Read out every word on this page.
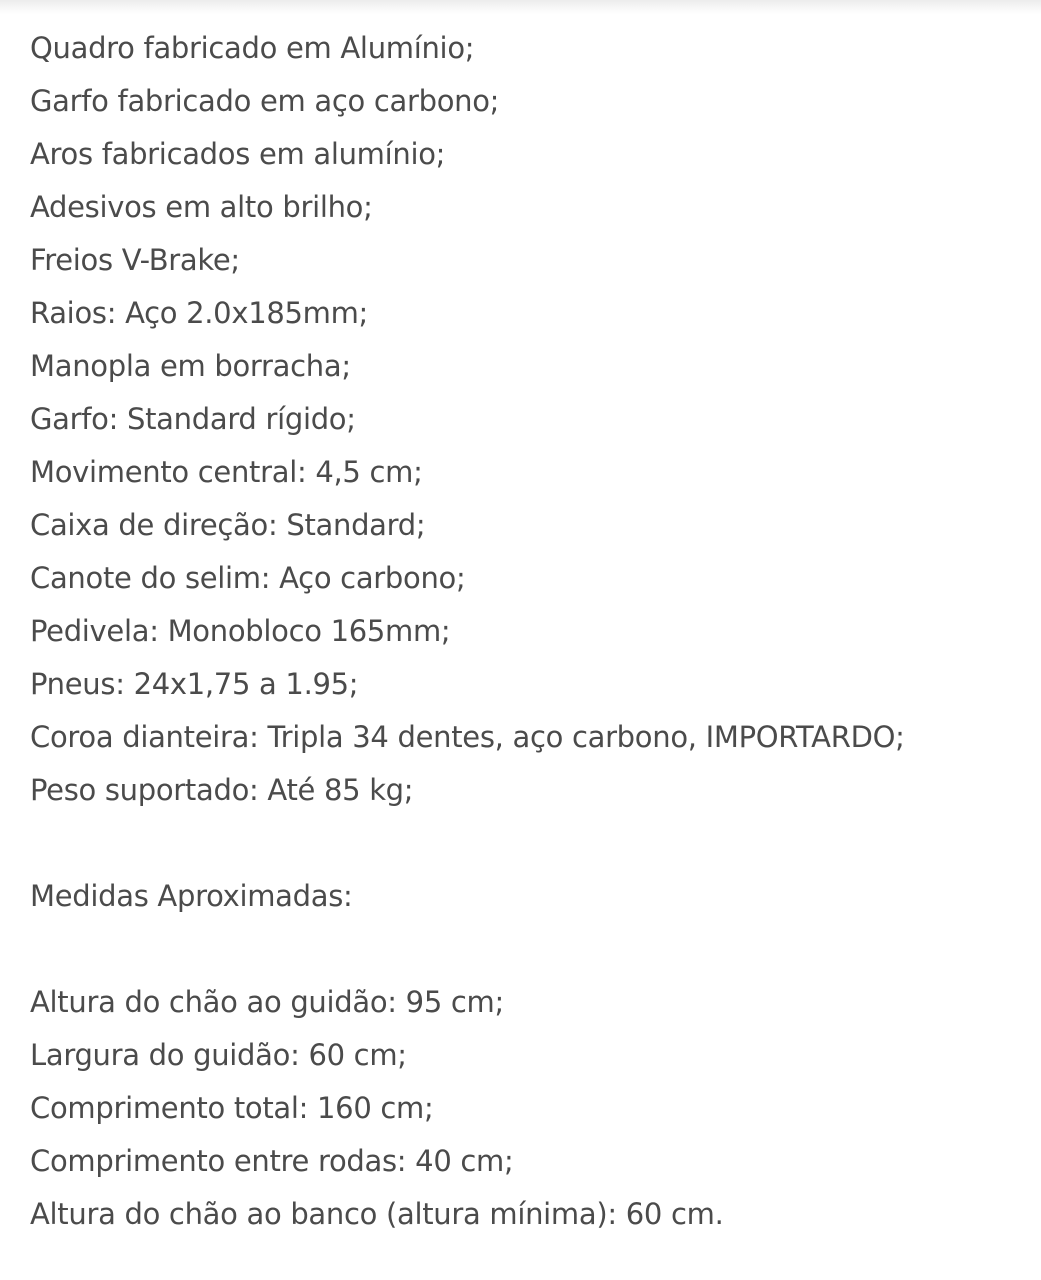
Quadro fabricado em Alumínio;
Garfo fabricado em aço carbono;
Aros fabricados em alumínio;
Adesivos em alto brilho;
Freios V-Brake;
Raios: Aço 2.0x185mm;
Manopla em borracha;
Garfo: Standard rígido;
Movimento central: 4,5 cm;
Caixa de direção: Standard;
Canote do selim: Aço carbono;
Pedivela: Monobloco 165mm;
Pneus: 24x1,75 a 1.95;
Coroa dianteira: Tripla 34 dentes, aço carbono, IMPORTARDO;
Peso suportado: Até 85 kg;
Medidas Aproximadas:
Altura do chão ao guidão: 95 cm;
Largura do guidão: 60 cm;
Comprimento total: 160 cm;
Comprimento entre rodas: 40 cm;
Altura do chão ao banco (altura mínima): 60 cm.
